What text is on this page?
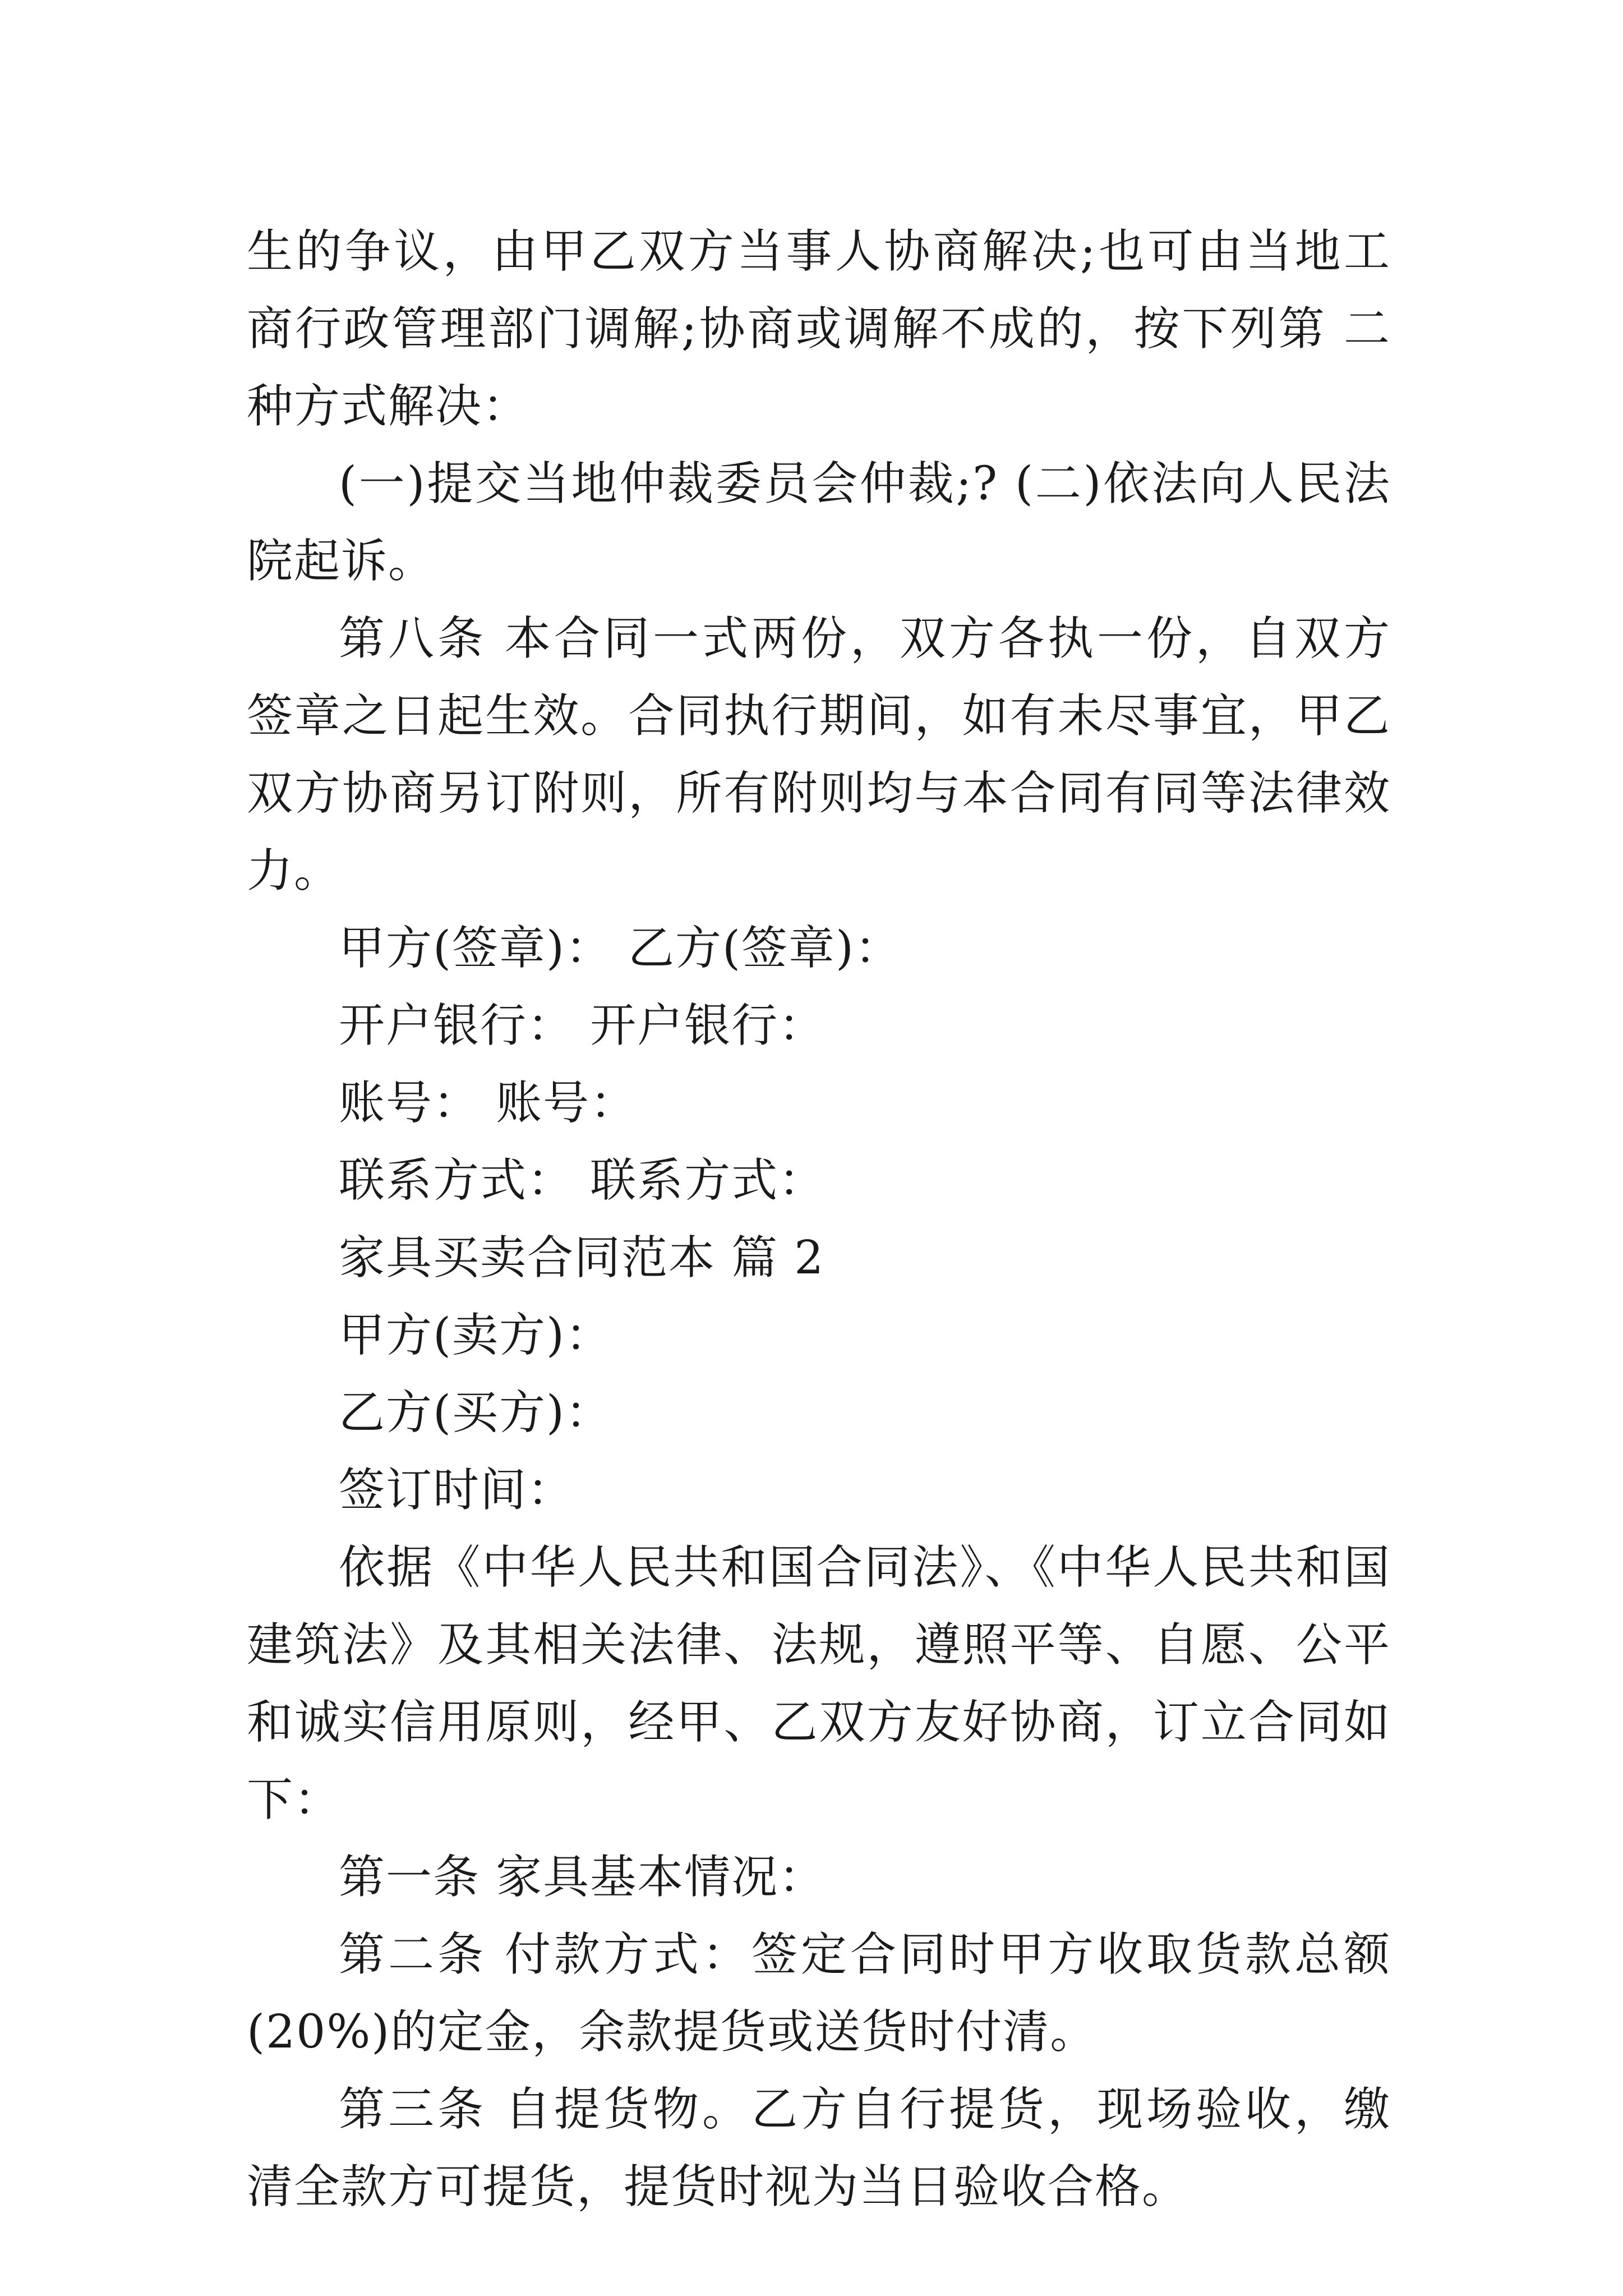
生的争议，由甲乙双方当事人协商解决;也可由当地工商行政管理部门调解;协商或调解不成的，按下列第 二 种方式解决：

(一)提交当地仲裁委员会仲裁;? (二)依法向人民法院起诉。

第八条 本合同一式两份，双方各执一份，自双方签章之日起生效。合同执行期间，如有未尽事宜，甲乙双方协商另订附则，所有附则均与本合同有同等法律效力。

甲方(签章)： 乙方(签章)：

开户银行： 开户银行：

账号： 账号：

联系方式： 联系方式：

家具买卖合同范本 篇 2

甲方(卖方)：

乙方(买方)：

签订时间：

依据《中华人民共和国合同法》、《中华人民共和国建筑法》及其相关法律、法规，遵照平等、自愿、公平和诚实信用原则，经甲、乙双方友好协商，订立合同如下：

第一条 家具基本情况：

第二条 付款方式：签定合同时甲方收取货款总额(20%)的定金，余款提货或送货时付清。

第三条 自提货物。乙方自行提货，现场验收，缴清全款方可提货，提货时视为当日验收合格。
